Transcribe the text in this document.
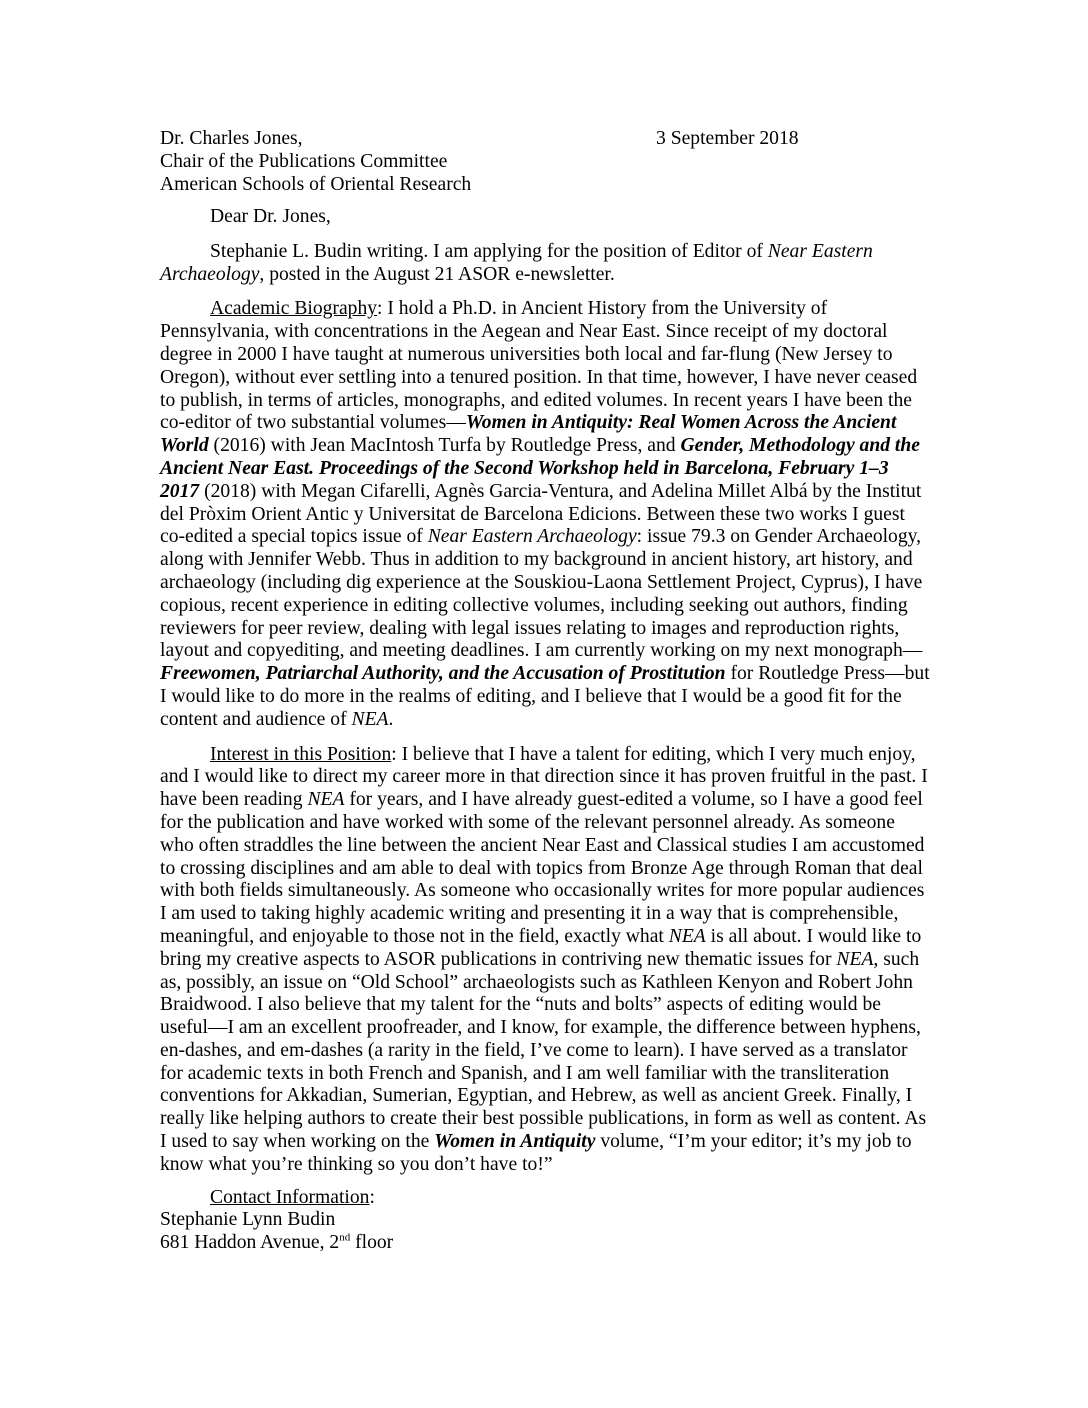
Dr. Charles Jones,
Chair of the Publications Committee
American Schools of Oriental Research
3 September 2018
Dear Dr. Jones,

Stephanie L. Budin writing. I am applying for the position of Editor of Near Eastern Archaeology, posted in the August 21 ASOR e-newsletter.

Academic Biography: I hold a Ph.D. in Ancient History from the University of Pennsylvania, with concentrations in the Aegean and Near East. Since receipt of my doctoral degree in 2000 I have taught at numerous universities both local and far-flung (New Jersey to Oregon), without ever settling into a tenured position. In that time, however, I have never ceased to publish, in terms of articles, monographs, and edited volumes. In recent years I have been the co-editor of two substantial volumes—Women in Antiquity: Real Women Across the Ancient World (2016) with Jean MacIntosh Turfa by Routledge Press, and Gender, Methodology and the Ancient Near East. Proceedings of the Second Workshop held in Barcelona, February 1–3 2017 (2018) with Megan Cifarelli, Agnès Garcia-Ventura, and Adelina Millet Albá by the Institut del Pròxim Orient Antic y Universitat de Barcelona Edicions. Between these two works I guest co-edited a special topics issue of Near Eastern Archaeology: issue 79.3 on Gender Archaeology, along with Jennifer Webb. Thus in addition to my background in ancient history, art history, and archaeology (including dig experience at the Souskiou-Laona Settlement Project, Cyprus), I have copious, recent experience in editing collective volumes, including seeking out authors, finding reviewers for peer review, dealing with legal issues relating to images and reproduction rights, layout and copyediting, and meeting deadlines. I am currently working on my next monograph—Freewomen, Patriarchal Authority, and the Accusation of Prostitution for Routledge Press—but I would like to do more in the realms of editing, and I believe that I would be a good fit for the content and audience of NEA.

Interest in this Position: I believe that I have a talent for editing, which I very much enjoy, and I would like to direct my career more in that direction since it has proven fruitful in the past. I have been reading NEA for years, and I have already guest-edited a volume, so I have a good feel for the publication and have worked with some of the relevant personnel already. As someone who often straddles the line between the ancient Near East and Classical studies I am accustomed to crossing disciplines and am able to deal with topics from Bronze Age through Roman that deal with both fields simultaneously. As someone who occasionally writes for more popular audiences I am used to taking highly academic writing and presenting it in a way that is comprehensible, meaningful, and enjoyable to those not in the field, exactly what NEA is all about. I would like to bring my creative aspects to ASOR publications in contriving new thematic issues for NEA, such as, possibly, an issue on “Old School” archaeologists such as Kathleen Kenyon and Robert John Braidwood. I also believe that my talent for the “nuts and bolts” aspects of editing would be useful—I am an excellent proofreader, and I know, for example, the difference between hyphens, en-dashes, and em-dashes (a rarity in the field, I’ve come to learn). I have served as a translator for academic texts in both French and Spanish, and I am well familiar with the transliteration conventions for Akkadian, Sumerian, Egyptian, and Hebrew, as well as ancient Greek. Finally, I really like helping authors to create their best possible publications, in form as well as content. As I used to say when working on the Women in Antiquity volume, “I’m your editor; it’s my job to know what you’re thinking so you don’t have to!”

Contact Information:
Stephanie Lynn Budin
681 Haddon Avenue, 2nd floor
